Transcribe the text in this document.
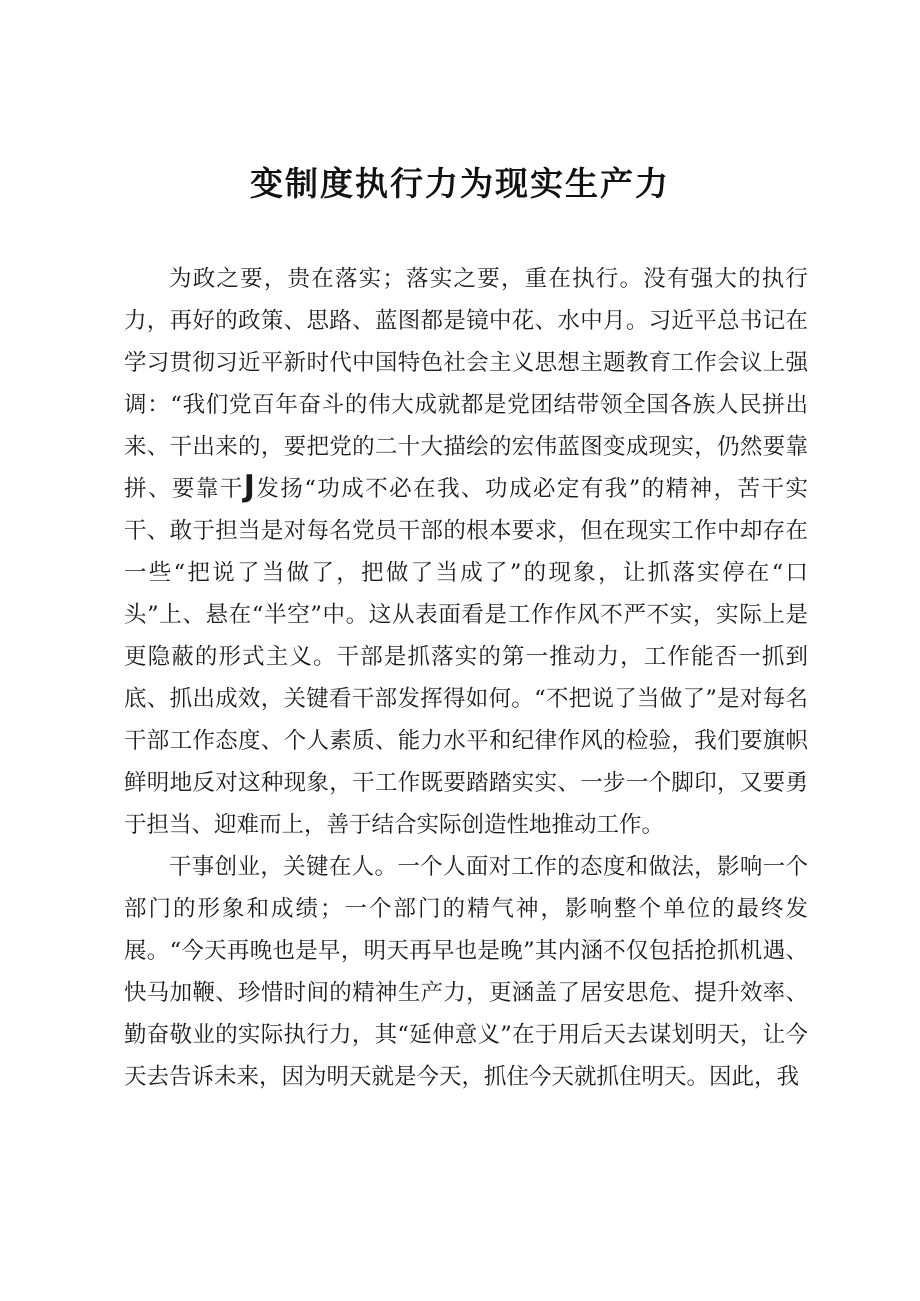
变制度执行力为现实生产力

为政之要，贵在落实；落实之要，重在执行。没有强大的执行力，再好的政策、思路、蓝图都是镜中花、水中月。习近平总书记在学习贯彻习近平新时代中国特色社会主义思想主题教育工作会议上强调：“我们党百年奋斗的伟大成就都是党团结带领全国各族人民拼出来、干出来的，要把党的二十大描绘的宏伟蓝图变成现实，仍然要靠拼、要靠干J发扬“功成不必在我、功成必定有我”的精神，苦干实干、敢于担当是对每名党员干部的根本要求，但在现实工作中却存在一些“把说了当做了，把做了当成了”的现象，让抓落实停在“口头”上、悬在“半空”中。这从表面看是工作作风不严不实，实际上是更隐蔽的形式主义。干部是抓落实的第一推动力，工作能否一抓到底、抓出成效，关键看干部发挥得如何。“不把说了当做了”是对每名干部工作态度、个人素质、能力水平和纪律作风的检验，我们要旗帜鲜明地反对这种现象，干工作既要踏踏实实、一步一个脚印，又要勇于担当、迎难而上，善于结合实际创造性地推动工作。

干事创业，关键在人。一个人面对工作的态度和做法，影响一个部门的形象和成绩；一个部门的精气神，影响整个单位的最终发展。“今天再晚也是早，明天再早也是晚”其内涵不仅包括抢抓机遇、快马加鞭、珍惜时间的精神生产力，更涵盖了居安思危、提升效率、勤奋敬业的实际执行力，其“延伸意义”在于用后天去谋划明天，让今天去告诉未来，因为明天就是今天，抓住今天就抓住明天。因此，我
